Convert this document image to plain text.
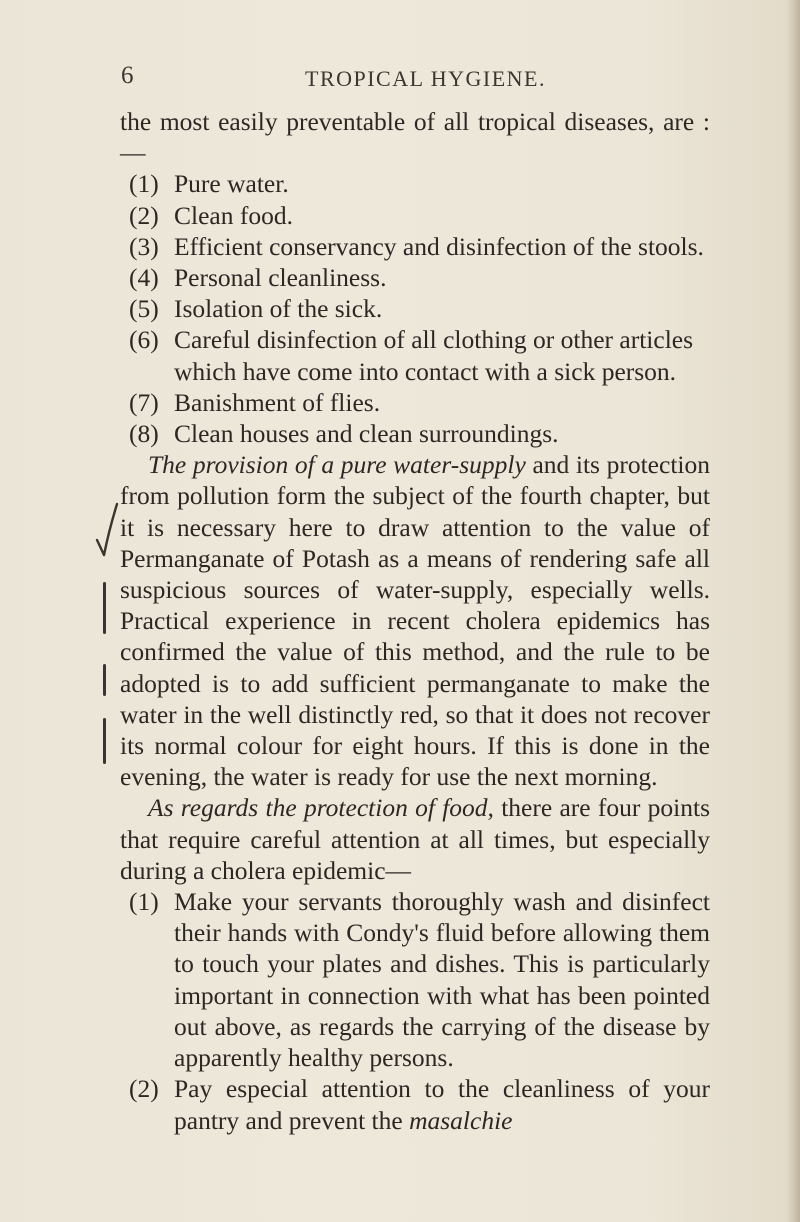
6	TROPICAL HYGIENE.

the most easily preventable of all tropical diseases, are :—

(1) Pure water.
(2) Clean food.
(3) Efficient conservancy and disinfection of the stools.
(4) Personal cleanliness.
(5) Isolation of the sick.
(6) Careful disinfection of all clothing or other articles which have come into contact with a sick person.
(7) Banishment of flies.
(8) Clean houses and clean surroundings.

The provision of a pure water-supply and its protection from pollution form the subject of the fourth chapter, but it is necessary here to draw attention to the value of Permanganate of Potash as a means of rendering safe all suspicious sources of water-supply, especially wells. Practical experience in recent cholera epidemics has confirmed the value of this method, and the rule to be adopted is to add sufficient permanganate to make the water in the well distinctly red, so that it does not recover its normal colour for eight hours. If this is done in the evening, the water is ready for use the next morning.

As regards the protection of food, there are four points that require careful attention at all times, but especially during a cholera epidemic—

(1) Make your servants thoroughly wash and disinfect their hands with Condy's fluid before allowing them to touch your plates and dishes. This is particularly important in connection with what has been pointed out above, as regards the carrying of the disease by apparently healthy persons.
(2) Pay especial attention to the cleanliness of your pantry and prevent the masalchie
